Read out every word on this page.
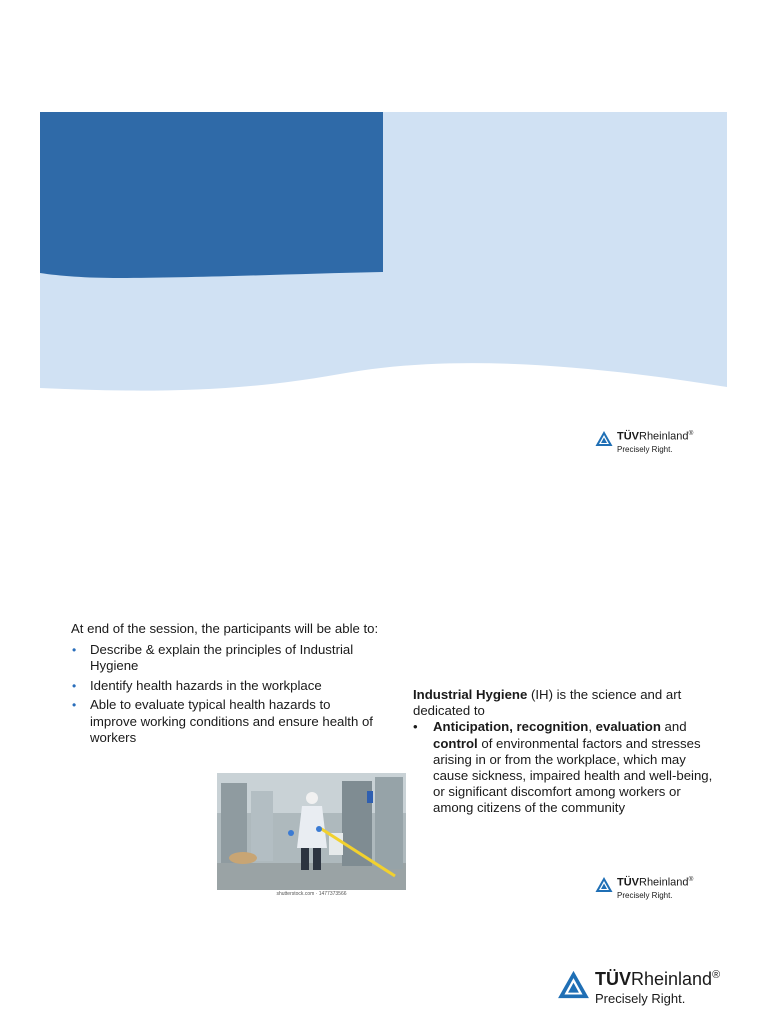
TÜVRheinland®
Precisely Right.

At end of the session, the participants will be able to:

• Describe & explain the principles of Industrial Hygiene
• Identify health hazards in the workplace
• Able to evaluate typical health hazards to improve working conditions and ensure health of workers
shutterstock.com · 1477373566

Industrial Hygiene (IH) is the science and art dedicated to

• Anticipation, recognition, evaluation and control of environmental factors and stresses arising in or from the workplace, which may cause sickness, impaired health and well-being, or significant discomfort among workers or among citizens of the community
TÜVRheinland®
Precisely Right.
TÜVRheinland®
Precisely Right.
